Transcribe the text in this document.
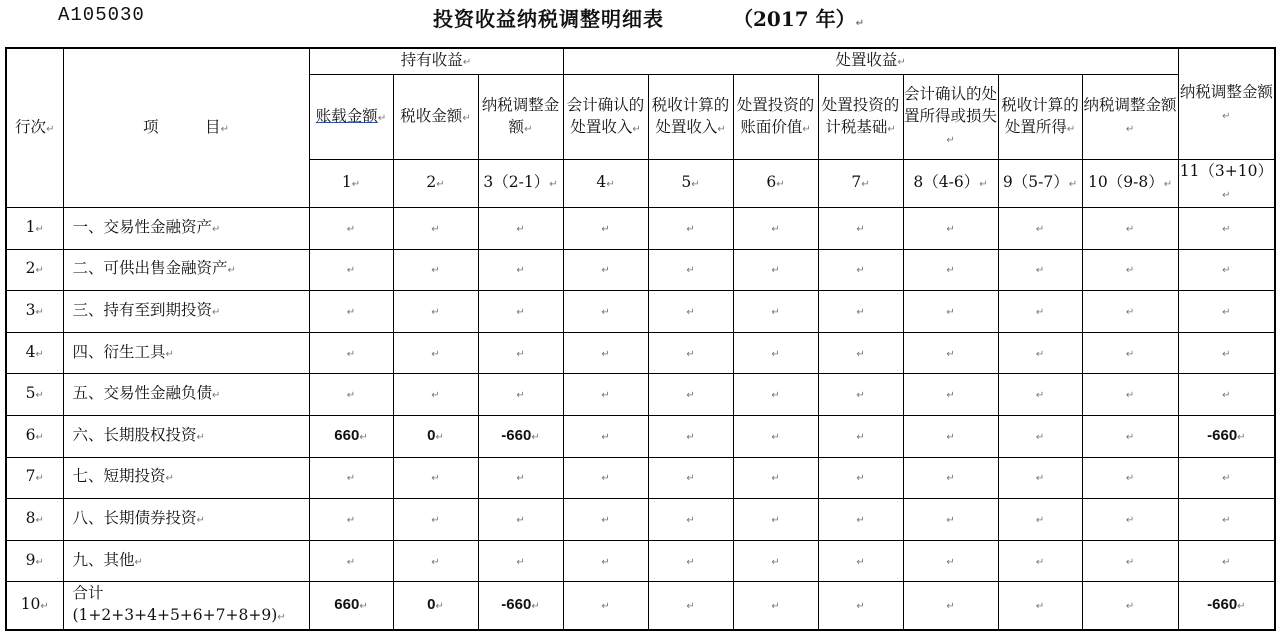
A105030	投资收益纳税调整明细表	（2017 年）↵
行次↵	项　　　目↵	持有收益↵			处置收益↵							纳税调整金额↵
		账载金额↵	税收金额↵	纳税调整金额↵	会计确认的处置收入↵	税收计算的处置收入↵	处置投资的账面价值↵	处置投资的计税基础↵	会计确认的处置所得或损失↵	税收计算的处置所得↵	纳税调整金额↵	
		1↵	2↵	3（2-1）↵	4↵	5↵	6↵	7↵	8（4-6）↵	9（5-7）↵	10（9-8）↵	11（3+10）↵
1↵	一、交易性金融资产↵	↵	↵	↵	↵	↵	↵	↵	↵	↵	↵	↵
2↵	二、可供出售金融资产↵	↵	↵	↵	↵	↵	↵	↵	↵	↵	↵	↵
3↵	三、持有至到期投资↵	↵	↵	↵	↵	↵	↵	↵	↵	↵	↵	↵
4↵	四、衍生工具↵	↵	↵	↵	↵	↵	↵	↵	↵	↵	↵	↵
5↵	五、交易性金融负债↵	↵	↵	↵	↵	↵	↵	↵	↵	↵	↵	↵
6↵	六、长期股权投资↵	660↵	0↵	-660↵	↵	↵	↵	↵	↵	↵	↵	-660↵
7↵	七、短期投资↵	↵	↵	↵	↵	↵	↵	↵	↵	↵	↵	↵
8↵	八、长期债券投资↵	↵	↵	↵	↵	↵	↵	↵	↵	↵	↵	↵
9↵	九、其他↵	↵	↵	↵	↵	↵	↵	↵	↵	↵	↵	↵
10↵	合计(1+2+3+4+5+6+7+8+9)↵	660↵	0↵	-660↵	↵	↵	↵	↵	↵	↵	↵	-660↵
